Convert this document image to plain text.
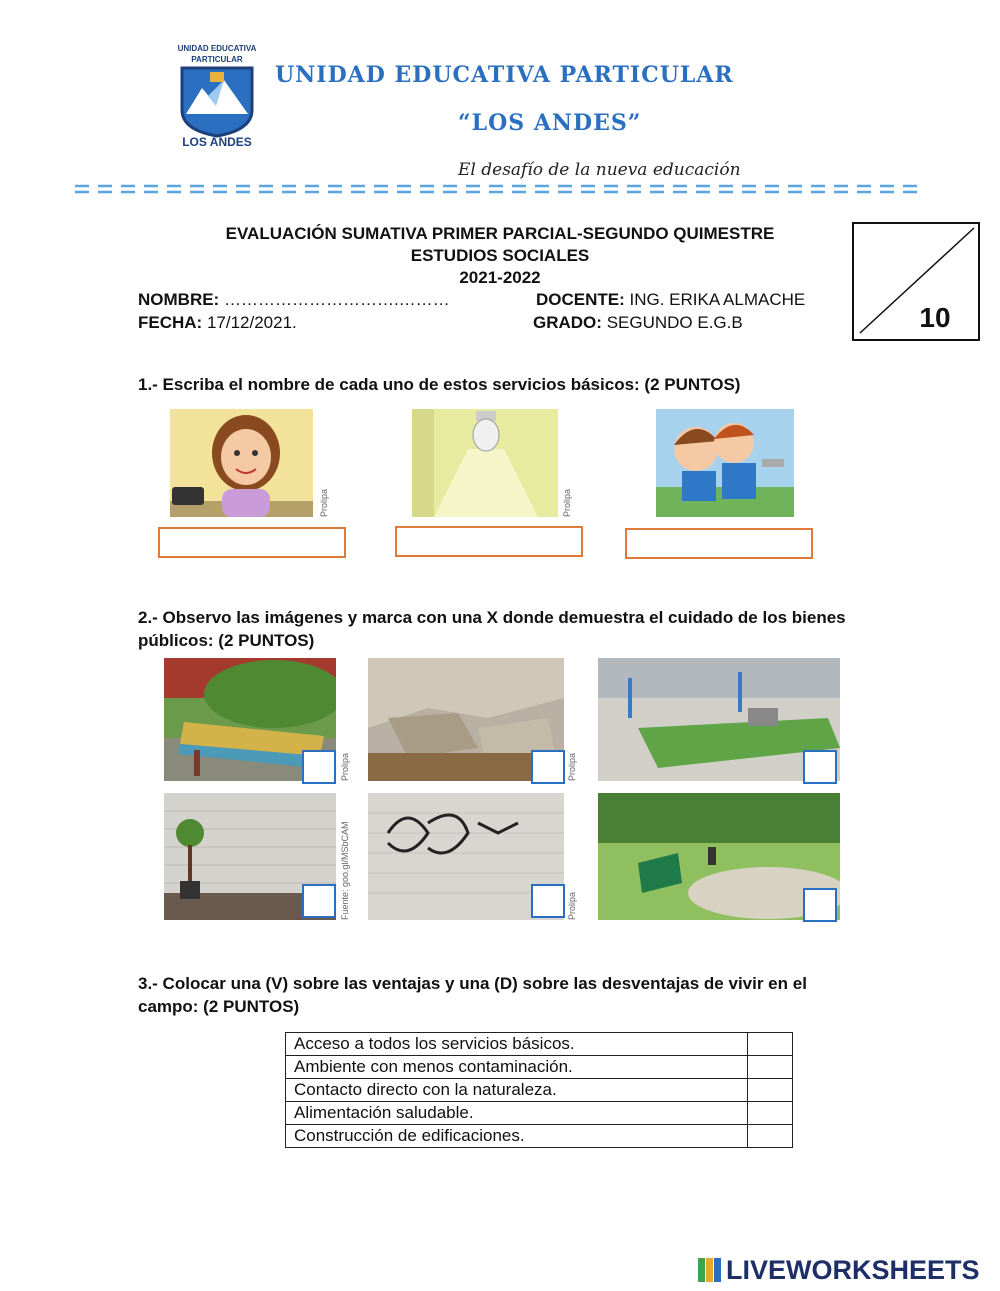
UNIDAD EDUCATIVA PARTICULAR
LOS ANDES
UNIDAD EDUCATIVA PARTICULAR
“LOS ANDES”
El desafío de la nueva educación
EVALUACIÓN SUMATIVA PRIMER PARCIAL-SEGUNDO QUIMESTRE
ESTUDIOS SOCIALES
2021-2022
NOMBRE: ………………………….………	DOCENTE: ING. ERIKA ALMACHE
FECHA: 17/12/2021.	GRADO: SEGUNDO E.G.B	10
1.- Escriba el nombre de cada uno de estos servicios básicos: (2 PUNTOS)
Prolipa	Prolipa
2.- Observo las imágenes y marca con una X donde demuestra el cuidado de los bienes públicos: (2 PUNTOS)
Prolipa	Prolipa
Fuente: goo.gl/MSbCAM	Prolipa
3.- Colocar una (V) sobre las ventajas y una (D) sobre las desventajas de vivir en el campo: (2 PUNTOS)
Acceso a todos los servicios básicos.	
Ambiente con menos contaminación.	
Contacto directo con la naturaleza.	
Alimentación saludable.	
Construcción de edificaciones.	
LIVEWORKSHEETS
